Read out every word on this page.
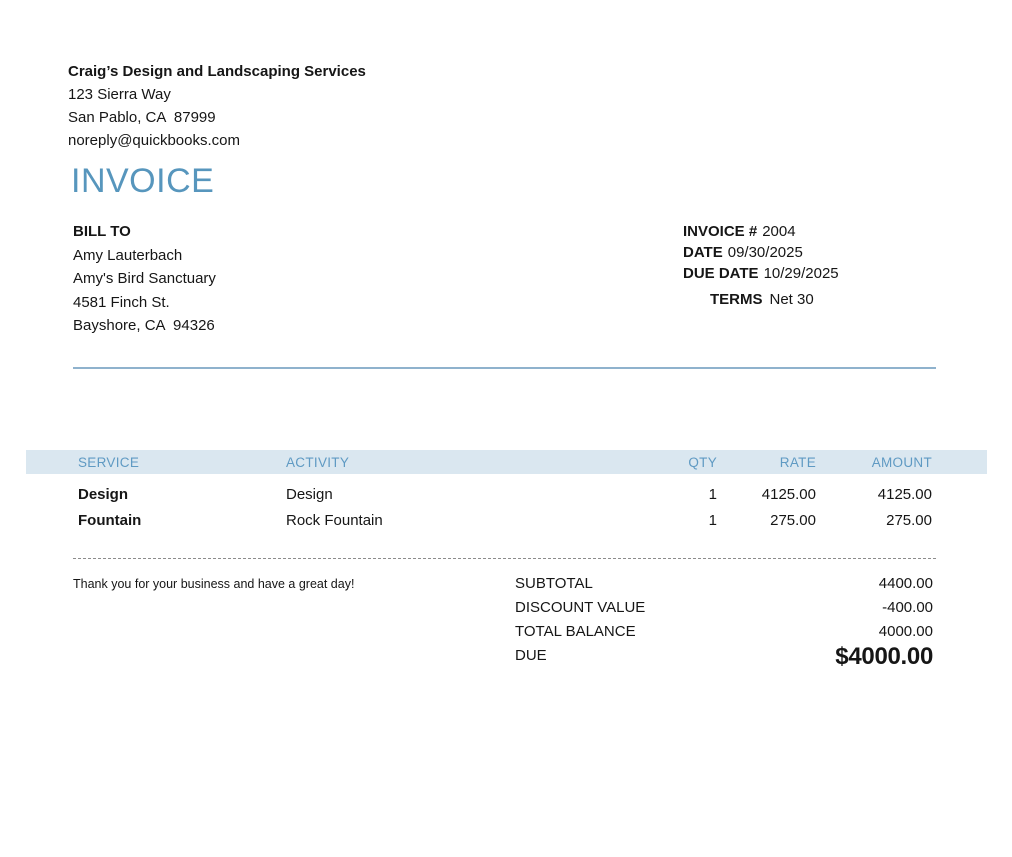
Craig’s Design and Landscaping Services
123 Sierra Way
San Pablo, CA  87999
noreply@quickbooks.com
INVOICE
BILL TO
Amy Lauterbach
Amy's Bird Sanctuary
4581 Finch St.
Bayshore, CA  94326
INVOICE # 2004
DATE 09/30/2025
DUE DATE 10/29/2025
TERMS Net 30
SERVICE	ACTIVITY	QTY	RATE	AMOUNT
Design	Design	1	4125.00	4125.00
Fountain	Rock Fountain	1	275.00	275.00
Thank you for your business and have a great day!	SUBTOTAL	4400.00
DISCOUNT VALUE	-400.00
TOTAL BALANCE	4000.00
DUE	$4000.00
